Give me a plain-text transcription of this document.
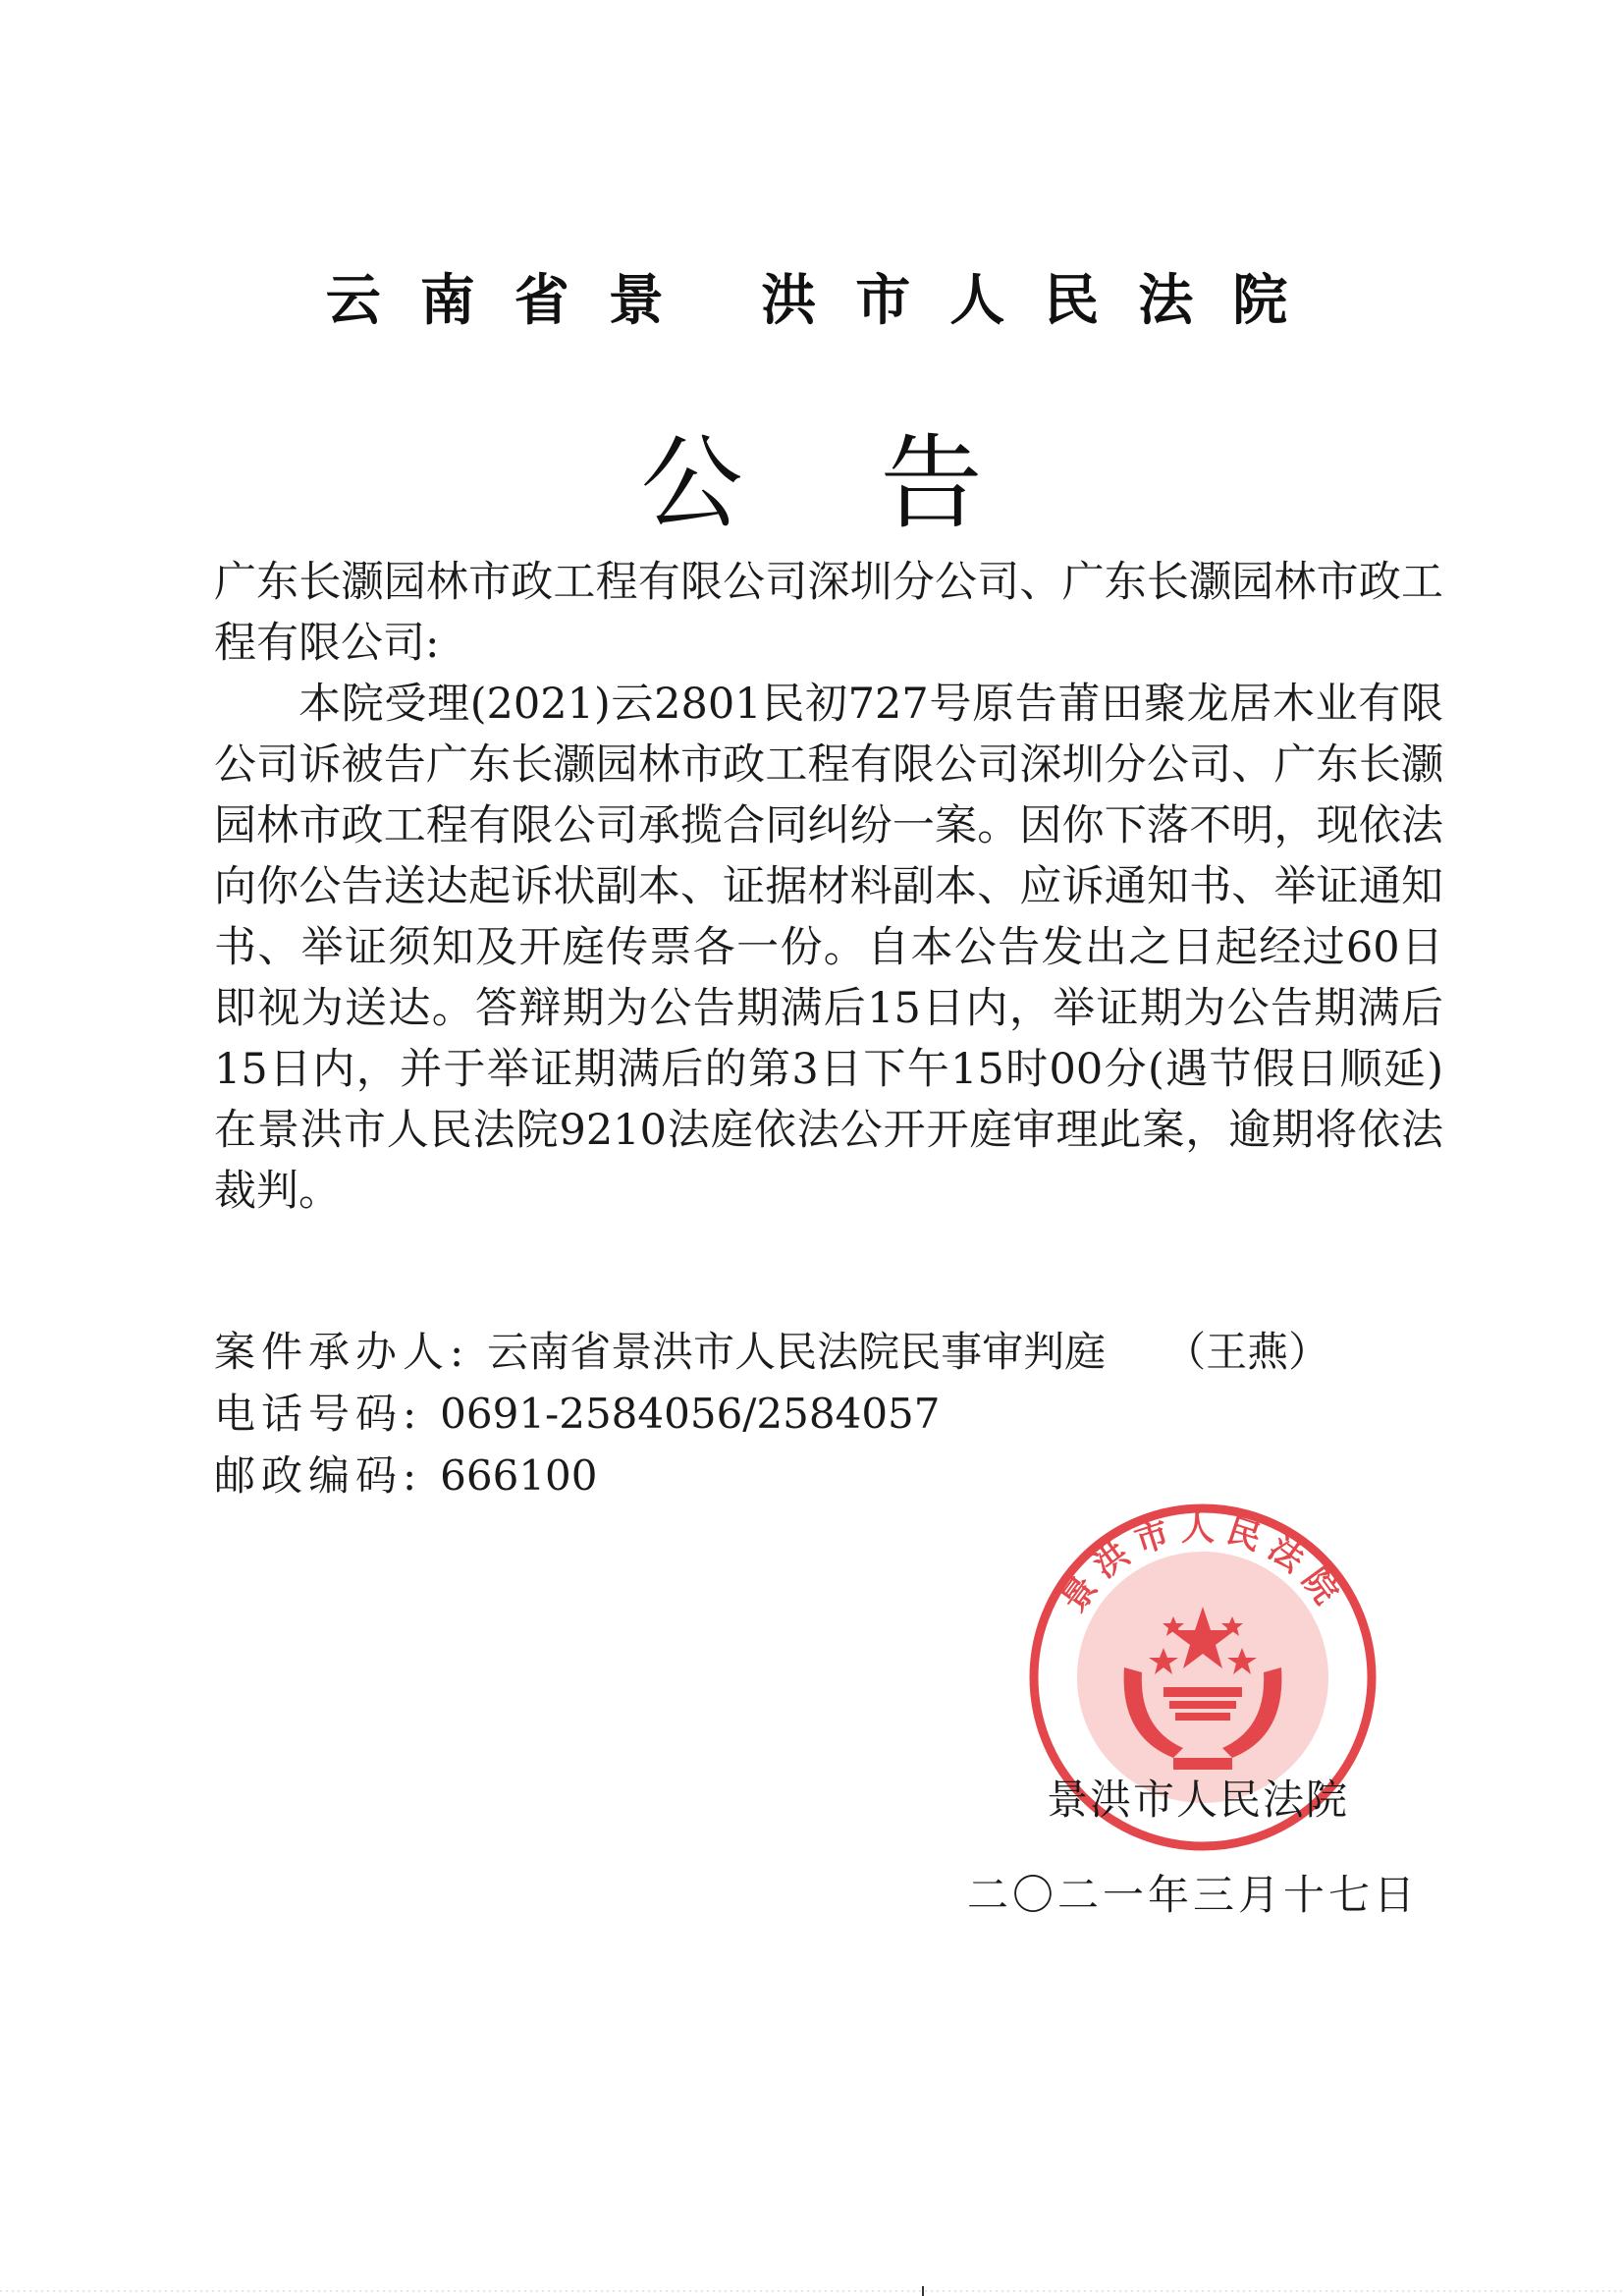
云南省景 洪市人民法院
公告

广东长灏园林市政工程有限公司深圳分公司、广东长灏园林市政工程有限公司:

本院受理(2021)云2801民初727号原告莆田聚龙居木业有限公司诉被告广东长灏园林市政工程有限公司深圳分公司、广东长灏园林市政工程有限公司承揽合同纠纷一案。因你下落不明，现依法向你公告送达起诉状副本、证据材料副本、应诉通知书、举证通知书、举证须知及开庭传票各一份。自本公告发出之日起经过60日即视为送达。答辩期为公告期满后15日内，举证期为公告期满后15日内，并于举证期满后的第3日下午15时00分(遇节假日顺延)在景洪市人民法院9210法庭依法公开开庭审理此案，逾期将依法裁判。

案件承办人: 云南省景洪市人民法院民事审判庭 （王燕）
电话号码: 0691-2584056/2584057
邮政编码: 666100
景洪市人民法院
景洪市人民法院
二〇二一年三月十七日
